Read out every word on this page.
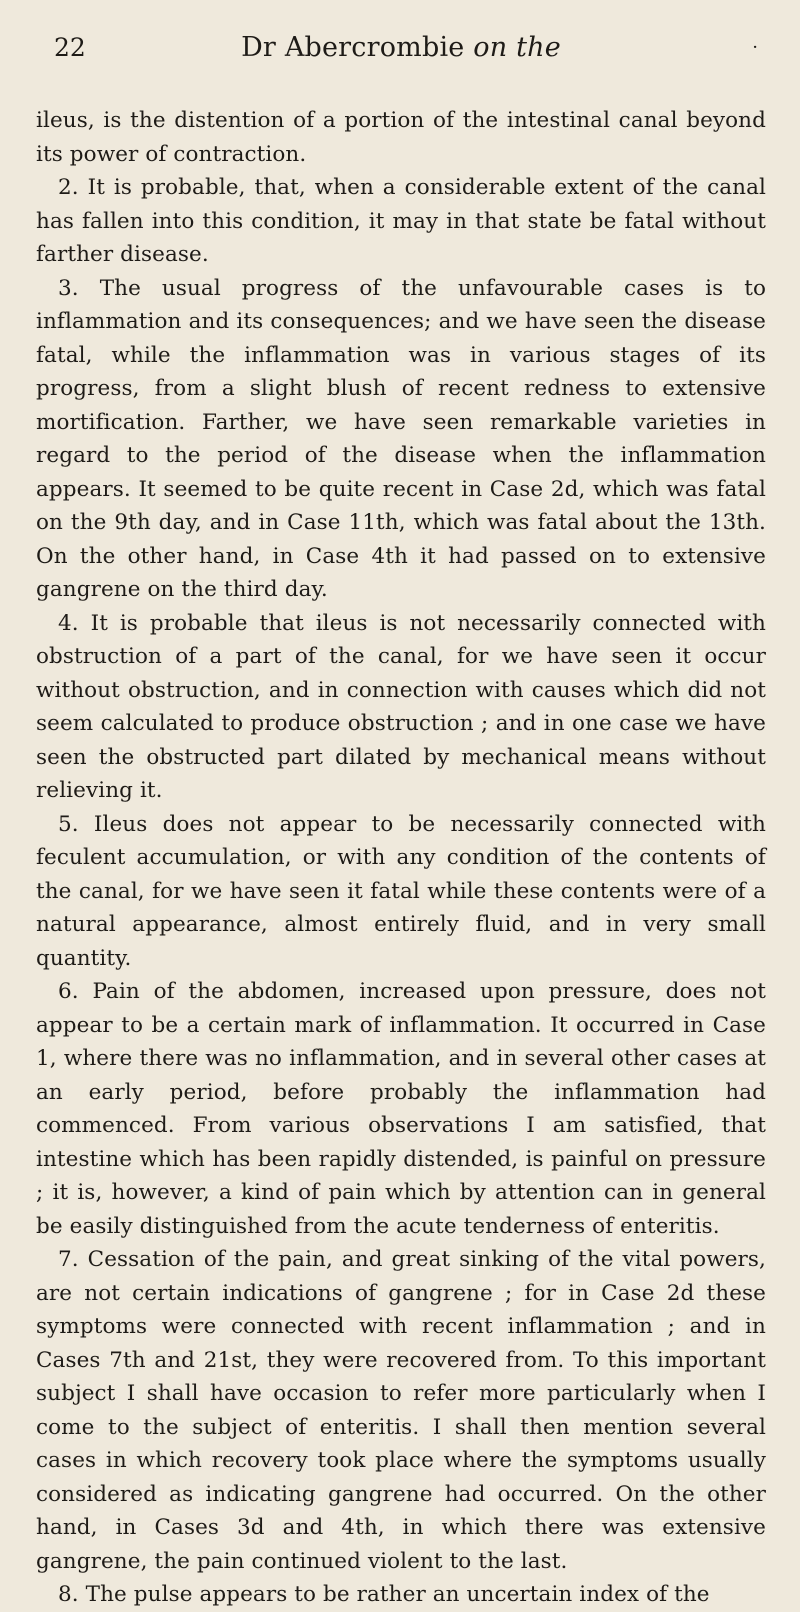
22	Dr Abercrombie on the	·

ileus, is the distention of a portion of the intestinal canal beyond its power of contraction.

2. It is probable, that, when a considerable extent of the canal has fallen into this condition, it may in that state be fatal without farther disease.

3. The usual progress of the unfavourable cases is to inflammation and its consequences; and we have seen the disease fatal, while the inflammation was in various stages of its progress, from a slight blush of recent redness to extensive mortification. Farther, we have seen remarkable varieties in regard to the period of the disease when the inflammation appears. It seemed to be quite recent in Case 2d, which was fatal on the 9th day, and in Case 11th, which was fatal about the 13th. On the other hand, in Case 4th it had passed on to extensive gangrene on the third day.

4. It is probable that ileus is not necessarily connected with obstruction of a part of the canal, for we have seen it occur without obstruction, and in connection with causes which did not seem calculated to produce obstruction ; and in one case we have seen the obstructed part dilated by mechanical means without relieving it.

5. Ileus does not appear to be necessarily connected with feculent accumulation, or with any condition of the contents of the canal, for we have seen it fatal while these contents were of a natural appearance, almost entirely fluid, and in very small quantity.

6. Pain of the abdomen, increased upon pressure, does not appear to be a certain mark of inflammation. It occurred in Case 1, where there was no inflammation, and in several other cases at an early period, before probably the inflammation had commenced. From various observations I am satisfied, that intestine which has been rapidly distended, is painful on pressure ; it is, however, a kind of pain which by attention can in general be easily distinguished from the acute tenderness of enteritis.

7. Cessation of the pain, and great sinking of the vital powers, are not certain indications of gangrene ; for in Case 2d these symptoms were connected with recent inflammation ; and in Cases 7th and 21st, they were recovered from. To this important subject I shall have occasion to refer more particularly when I come to the subject of enteritis. I shall then mention several cases in which recovery took place where the symptoms usually considered as indicating gangrene had occurred. On the other hand, in Cases 3d and 4th, in which there was extensive gangrene, the pain continued violent to the last.

8. The pulse appears to be rather an uncertain index of the
